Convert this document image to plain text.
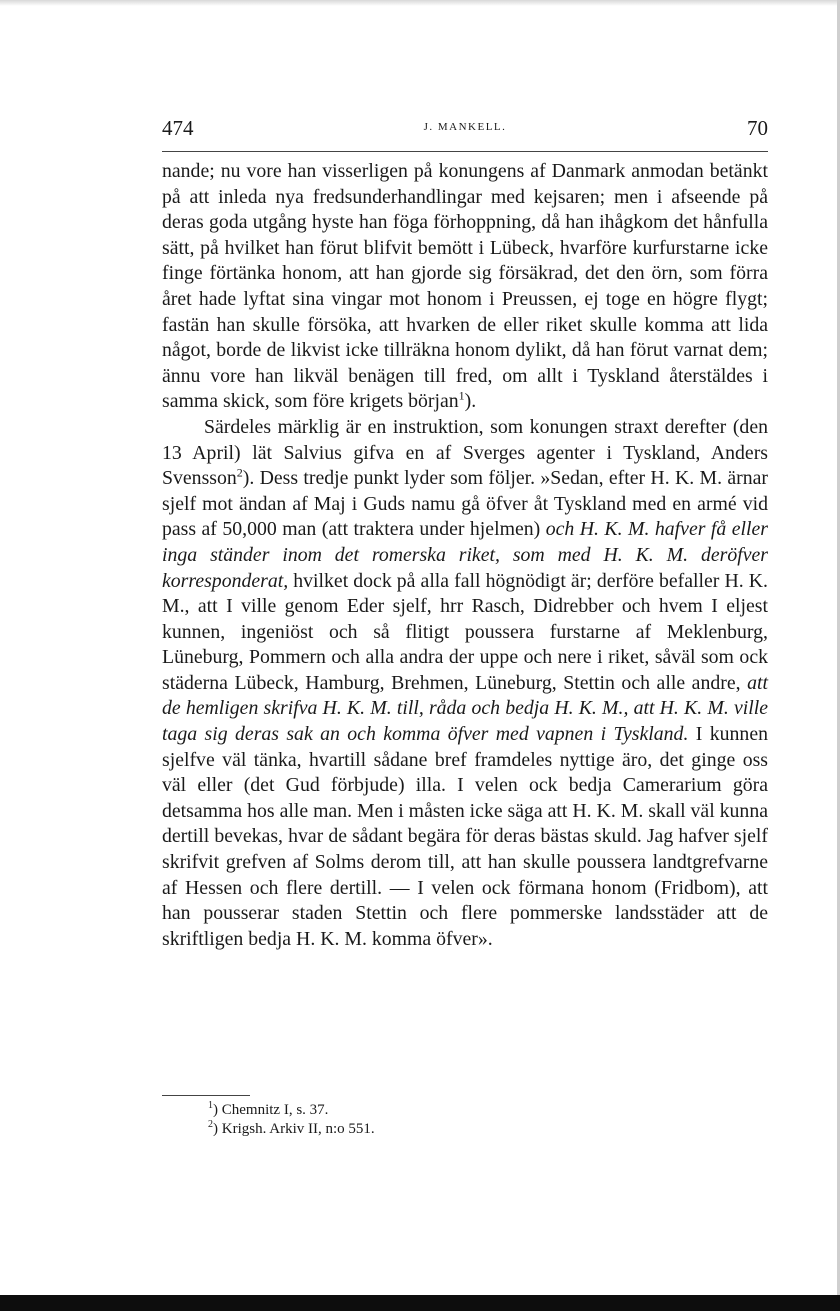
474	J. MANKELL.	70

nande; nu vore han visserligen på konungens af Danmark anmodan betänkt på att inleda nya fredsunderhandlingar med kejsaren; men i afseende på deras goda utgång hyste han föga förhoppning, då han ihågkom det hånfulla sätt, på hvilket han förut blifvit bemött i Lübeck, hvarföre kurfurstarne icke finge förtänka honom, att han gjorde sig försäkrad, det den örn, som förra året hade lyftat sina vingar mot honom i Preussen, ej toge en högre flygt; fastän han skulle försöka, att hvarken de eller riket skulle komma att lida något, borde de likvist icke tillräkna honom dylikt, då han förut varnat dem; ännu vore han likväl benägen till fred, om allt i Tyskland återstäldes i samma skick, som före krigets början$^1$).

Särdeles märklig är en instruktion, som konungen straxt derefter (den 13 April) lät Salvius gifva en af Sverges agenter i Tyskland, Anders Svensson$^2$). Dess tredje punkt lyder som följer. »Sedan, efter H. K. M. ärnar sjelf mot ändan af Maj i Guds namu gå öfver åt Tyskland med en armé vid pass af 50,000 man (att traktera under hjelmen) och H. K. M. hafver få eller inga ständer inom det romerska riket, som med H. K. M. deröfver korresponderat, hvilket dock på alla fall högnödigt är; derföre befaller H. K. M., att I ville genom Eder sjelf, hrr Rasch, Didrebber och hvem I eljest kunnen, ingeniöst och så flitigt poussera furstarne af Meklenburg, Lüneburg, Pommern och alla andra der uppe och nere i riket, såväl som ock städerna Lübeck, Hamburg, Brehmen, Lüneburg, Stettin och alle andre, att de hemligen skrifva H. K. M. till, råda och bedja H. K. M., att H. K. M. ville taga sig deras sak an och komma öfver med vapnen i Tyskland. I kunnen sjelfve väl tänka, hvartill sådane bref framdeles nyttige äro, det ginge oss väl eller (det Gud förbjude) illa. I velen ock bedja Camerarium göra detsamma hos alle man. Men i måsten icke säga att H. K. M. skall väl kunna dertill bevekas, hvar de sådant begära för deras bästas skuld. Jag hafver sjelf skrifvit grefven af Solms derom till, att han skulle poussera landtgrefvarne af Hessen och flere dertill. — I velen ock förmana honom (Fridbom), att han pousserar staden Stettin och flere pommerske landsstäder att de skriftligen bedja H. K. M. komma öfver».

$^1$) Chemnitz I, s. 37.
$^2$) Krigsh. Arkiv II, n:o 551.
